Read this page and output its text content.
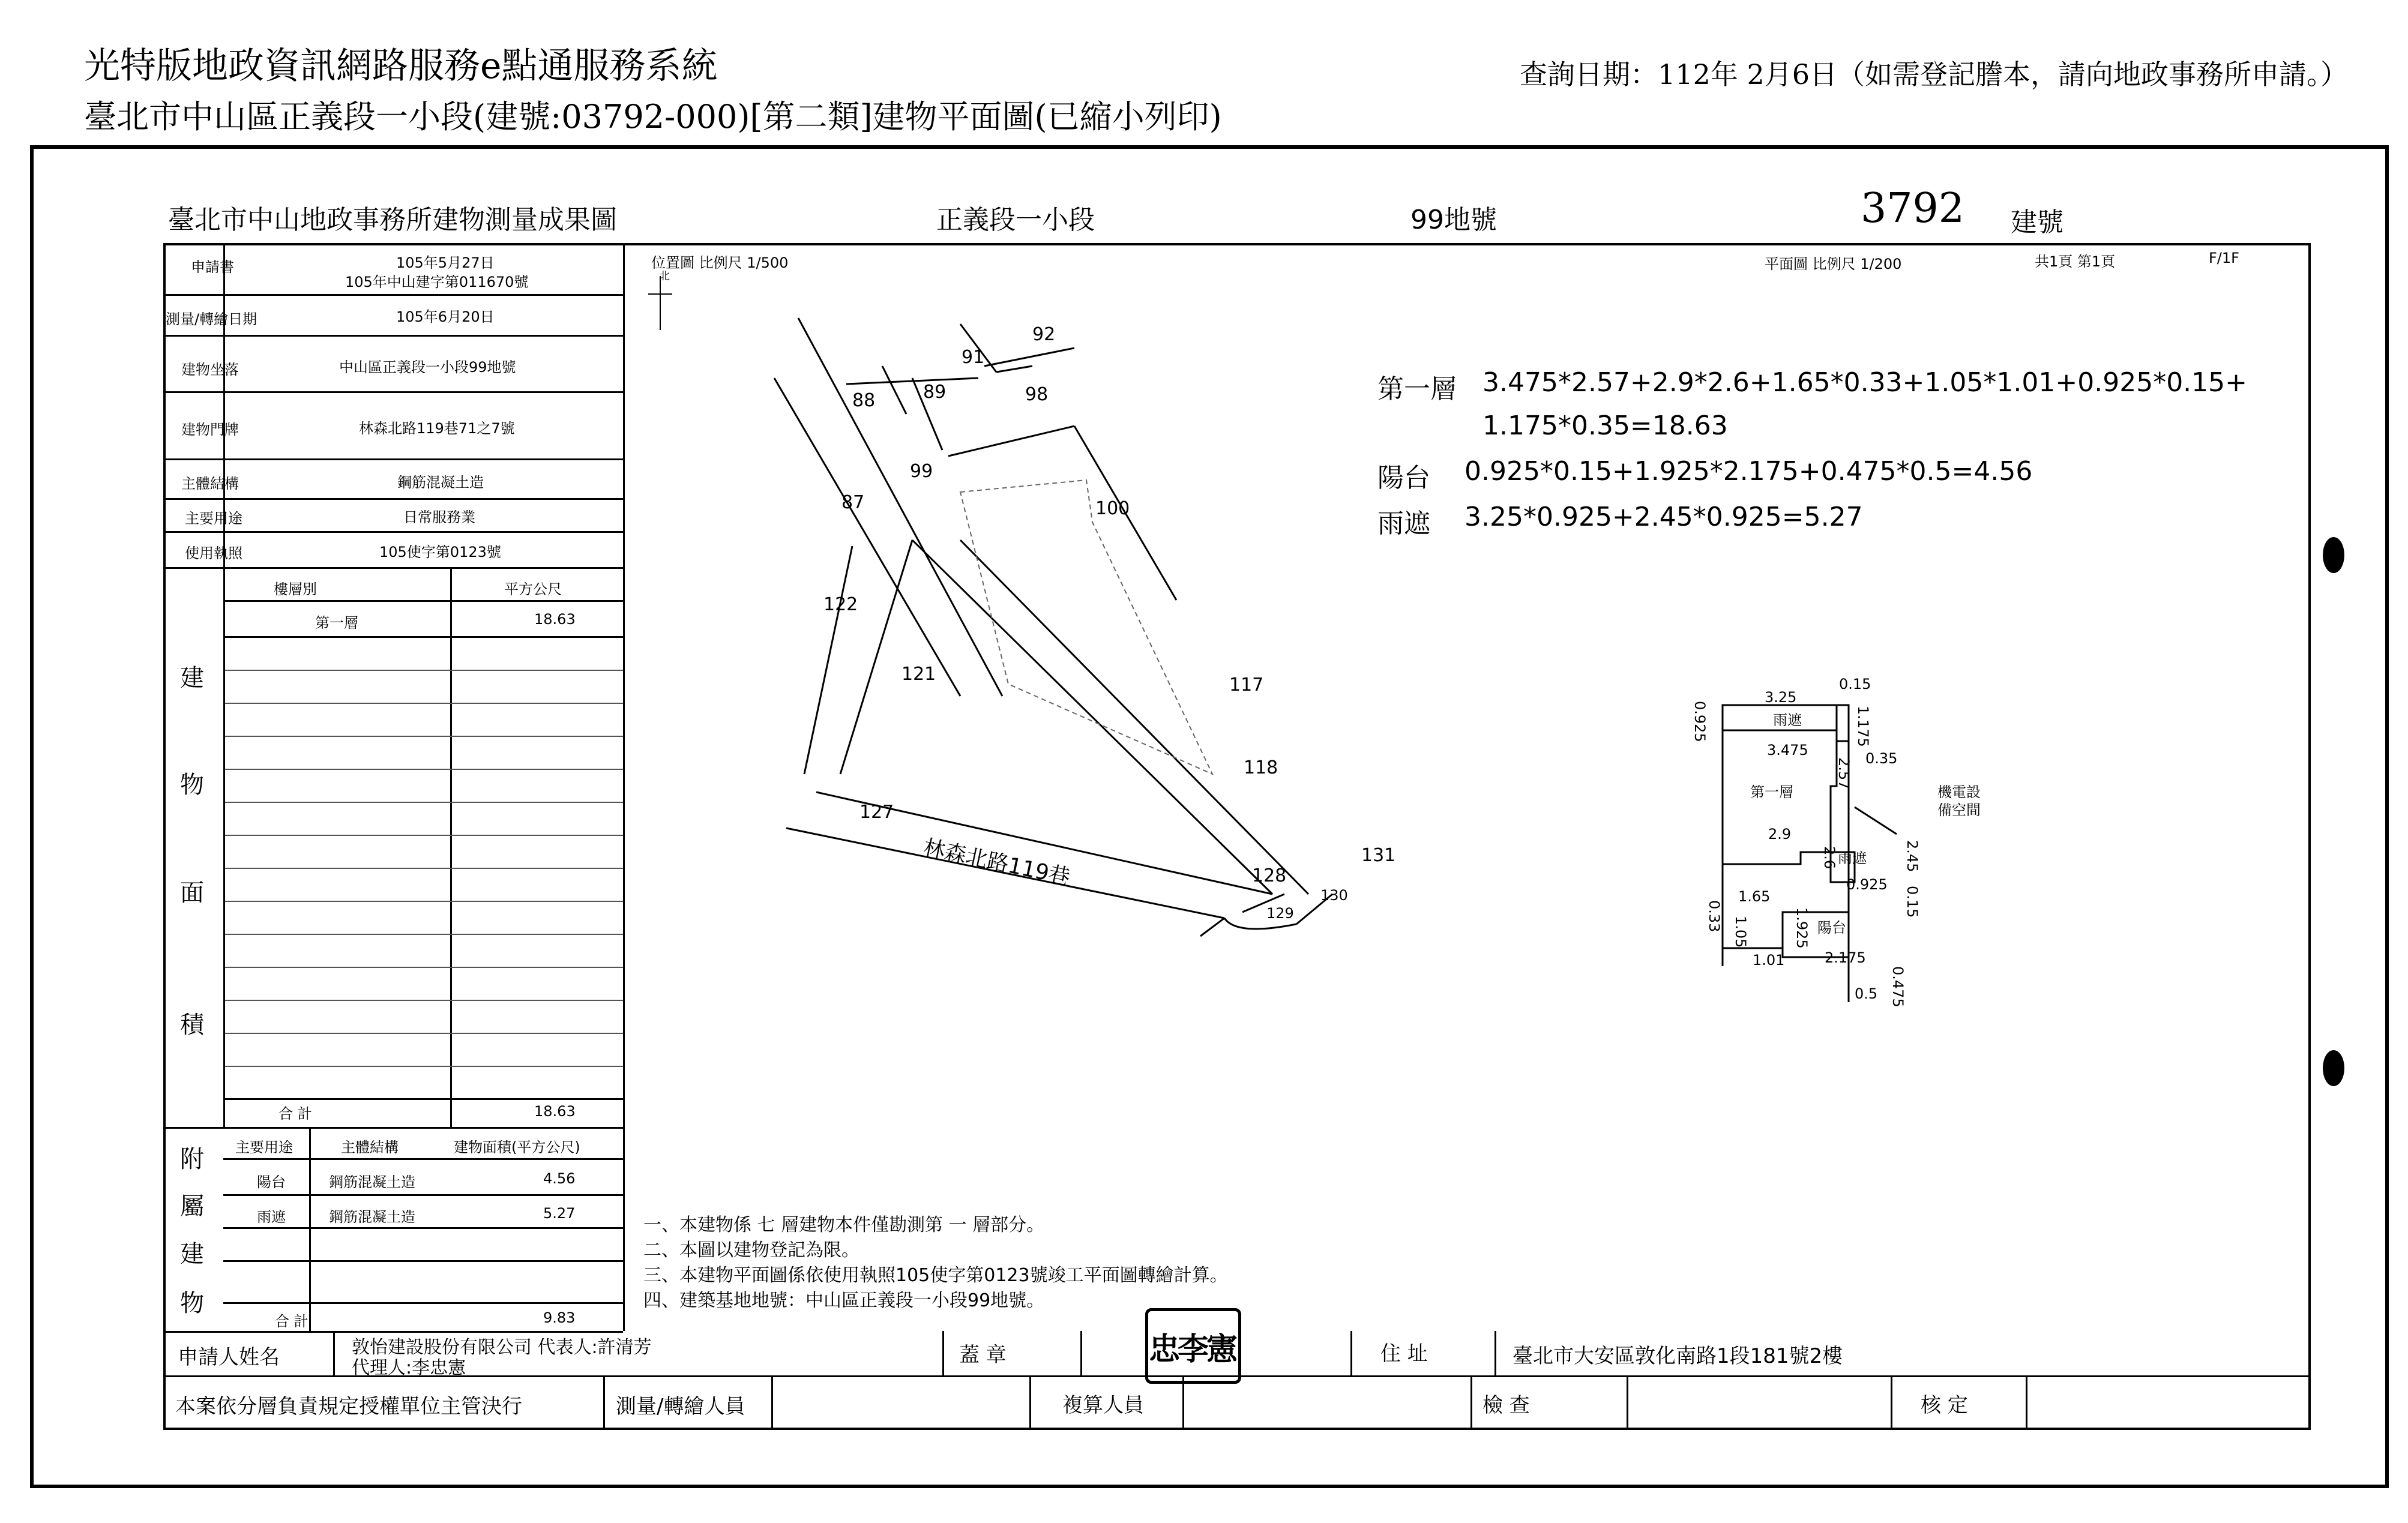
光特版地政資訊網路服務e點通服務系統
臺北市中山區正義段一小段(建號:03792-000)[第二類]建物平面圖(已縮小列印)
查詢日期：112年 2月6日（如需登記謄本，請向地政事務所申請。）
臺北市中山地政事務所建物測量成果圖	正義段一小段	99地號	3792 建號
位置圖 比例尺 1/500	平面圖 比例尺 1/200	共1頁 第1頁	F/1F
申請書	105年5月27日
105年中山建字第011670號
測量/轉繪日期	105年6月20日
建物坐落	中山區正義段一小段99地號
建物門牌	林森北路119巷71之7號
主體結構	鋼筋混凝土造
主要用途	日常服務業
使用執照	105使字第0123號
建
物
面
積
樓層別	平方公尺
第一層	18.63
合 計	18.63
附
屬
建
物
主要用途	主體結構	建物面積(平方公尺)
陽台	鋼筋混凝土造	4.56
雨遮	鋼筋混凝土造	5.27
合 計	9.83
北
92
91
98
88	89
99
87	100
122
121
117
118
127
131
128
130
129
林森北路119巷
第一層 3.475*2.57+2.9*2.6+1.65*0.33+1.05*1.01+0.925*0.15+
1.175*0.35=18.63
陽台 0.925*0.15+1.925*2.175+0.475*0.5=4.56
雨遮 3.25*0.925+2.45*0.925=5.27
雨遮
第一層
雨遮
陽台
機電設
備空間
0.15
3.25
0.925	1.175
3.475	0.35
2.57
2.9
2.6	2.45
0.925
0.15
1.65
0.33 1.05	1.925
1.01	2.175
0.475
0.5
一、本建物係 七 層建物本件僅勘測第 一 層部分。
二、本圖以建物登記為限。
三、本建物平面圖係依使用執照105使字第0123號竣工平面圖轉繪計算。
四、建築基地地號：中山區正義段一小段99地號。
申請人姓名	敦怡建設股份有限公司 代表人:許清芳
代理人:李忠憲
蓋 章	忠李憲	住 址	臺北市大安區敦化南路1段181號2樓
本案依分層負責規定授權單位主管決行	測量/轉繪人員	複算人員	檢 查	核 定
